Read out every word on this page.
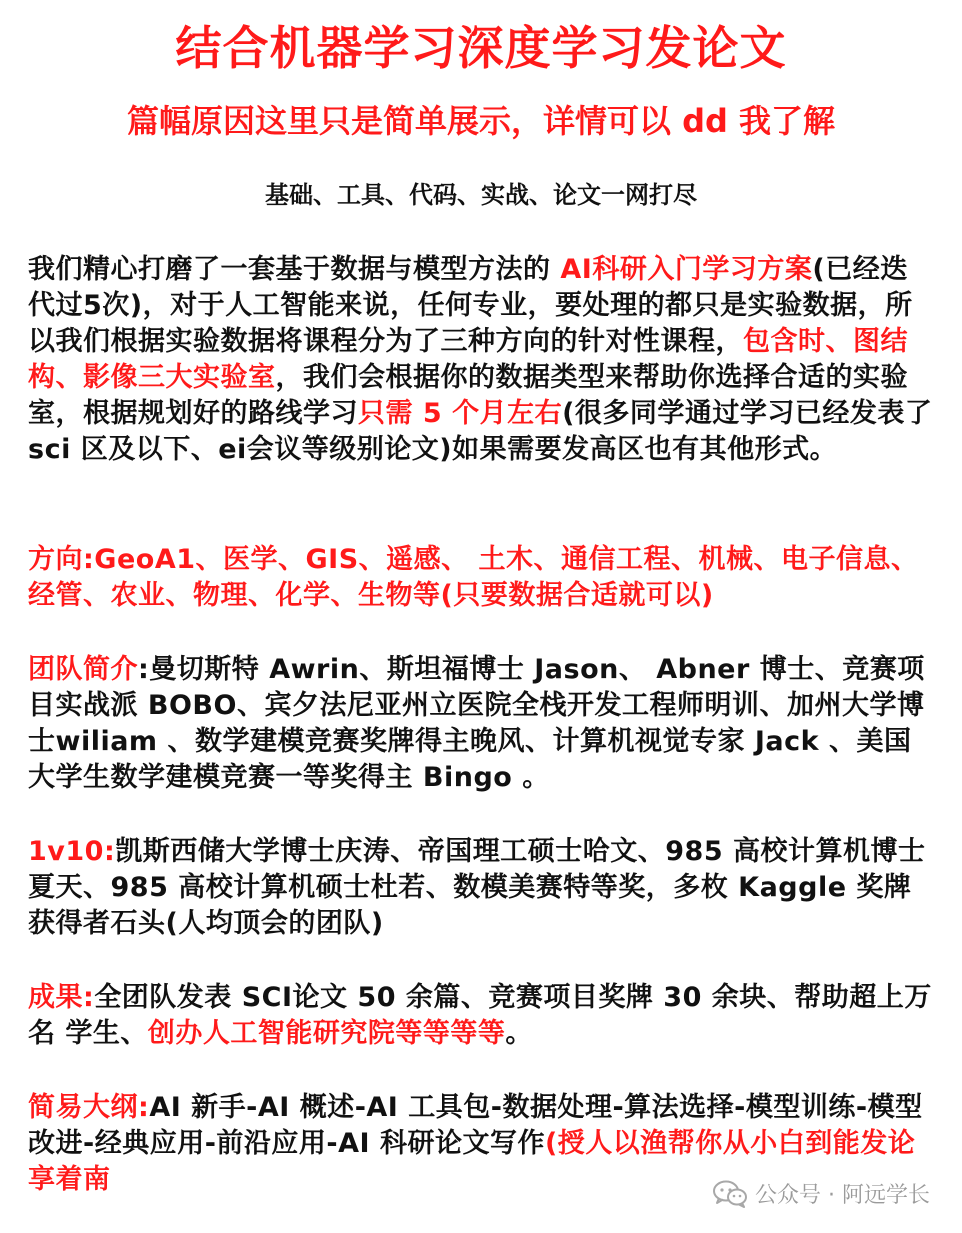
结合机器学习深度学习发论文
篇幅原因这里只是简单展示，详情可以 dd 我了解
基础、工具、代码、实战、论文一网打尽
我们精心打磨了一套基于数据与模型方法的 AI科研入门学习方案(已经迭代过5次)，对于人工智能来说，任何专业，要处理的都只是实验数据，所以我们根据实验数据将课程分为了三种方向的针对性课程，包含时、图结构、影像三大实验室，我们会根据你的数据类型来帮助你选择合适的实验室，根据规划好的路线学习只需 5 个月左右(很多同学通过学习已经发表了 sci 区及以下、ei会议等级别论文)如果需要发高区也有其他形式。
方向:GeoA1、医学、GIS、遥感、 土木、通信工程、机械、电子信息、经管、农业、物理、化学、生物等(只要数据合适就可以)
团队简介:曼切斯特 Awrin、斯坦福博士 Jason、 Abner 博士、竞赛项目实战派 BOBO、宾夕法尼亚州立医院全栈开发工程师明训、加州大学博士wiliam 、数学建模竞赛奖牌得主晚风、计算机视觉专家 Jack 、美国大学生数学建模竞赛一等奖得主 Bingo 。
1v10:凯斯西储大学博士庆涛、帝国理工硕士哈文、985 高校计算机博士夏天、985 高校计算机硕士杜若、数模美赛特等奖，多枚 Kaggle 奖牌获得者石头(人均顶会的团队)
成果:全团队发表 SCI论文 50 余篇、竞赛项目奖牌 30 余块、帮助超上万名 学生、创办人工智能研究院等等等等。
简易大纲:AI 新手-AI 概述-AI 工具包-数据处理-算法选择-模型训练-模型改进-经典应用-前沿应用-AI 科研论文写作(授人以渔帮你从小白到能发论享着南
公众号 · 阿远学长
